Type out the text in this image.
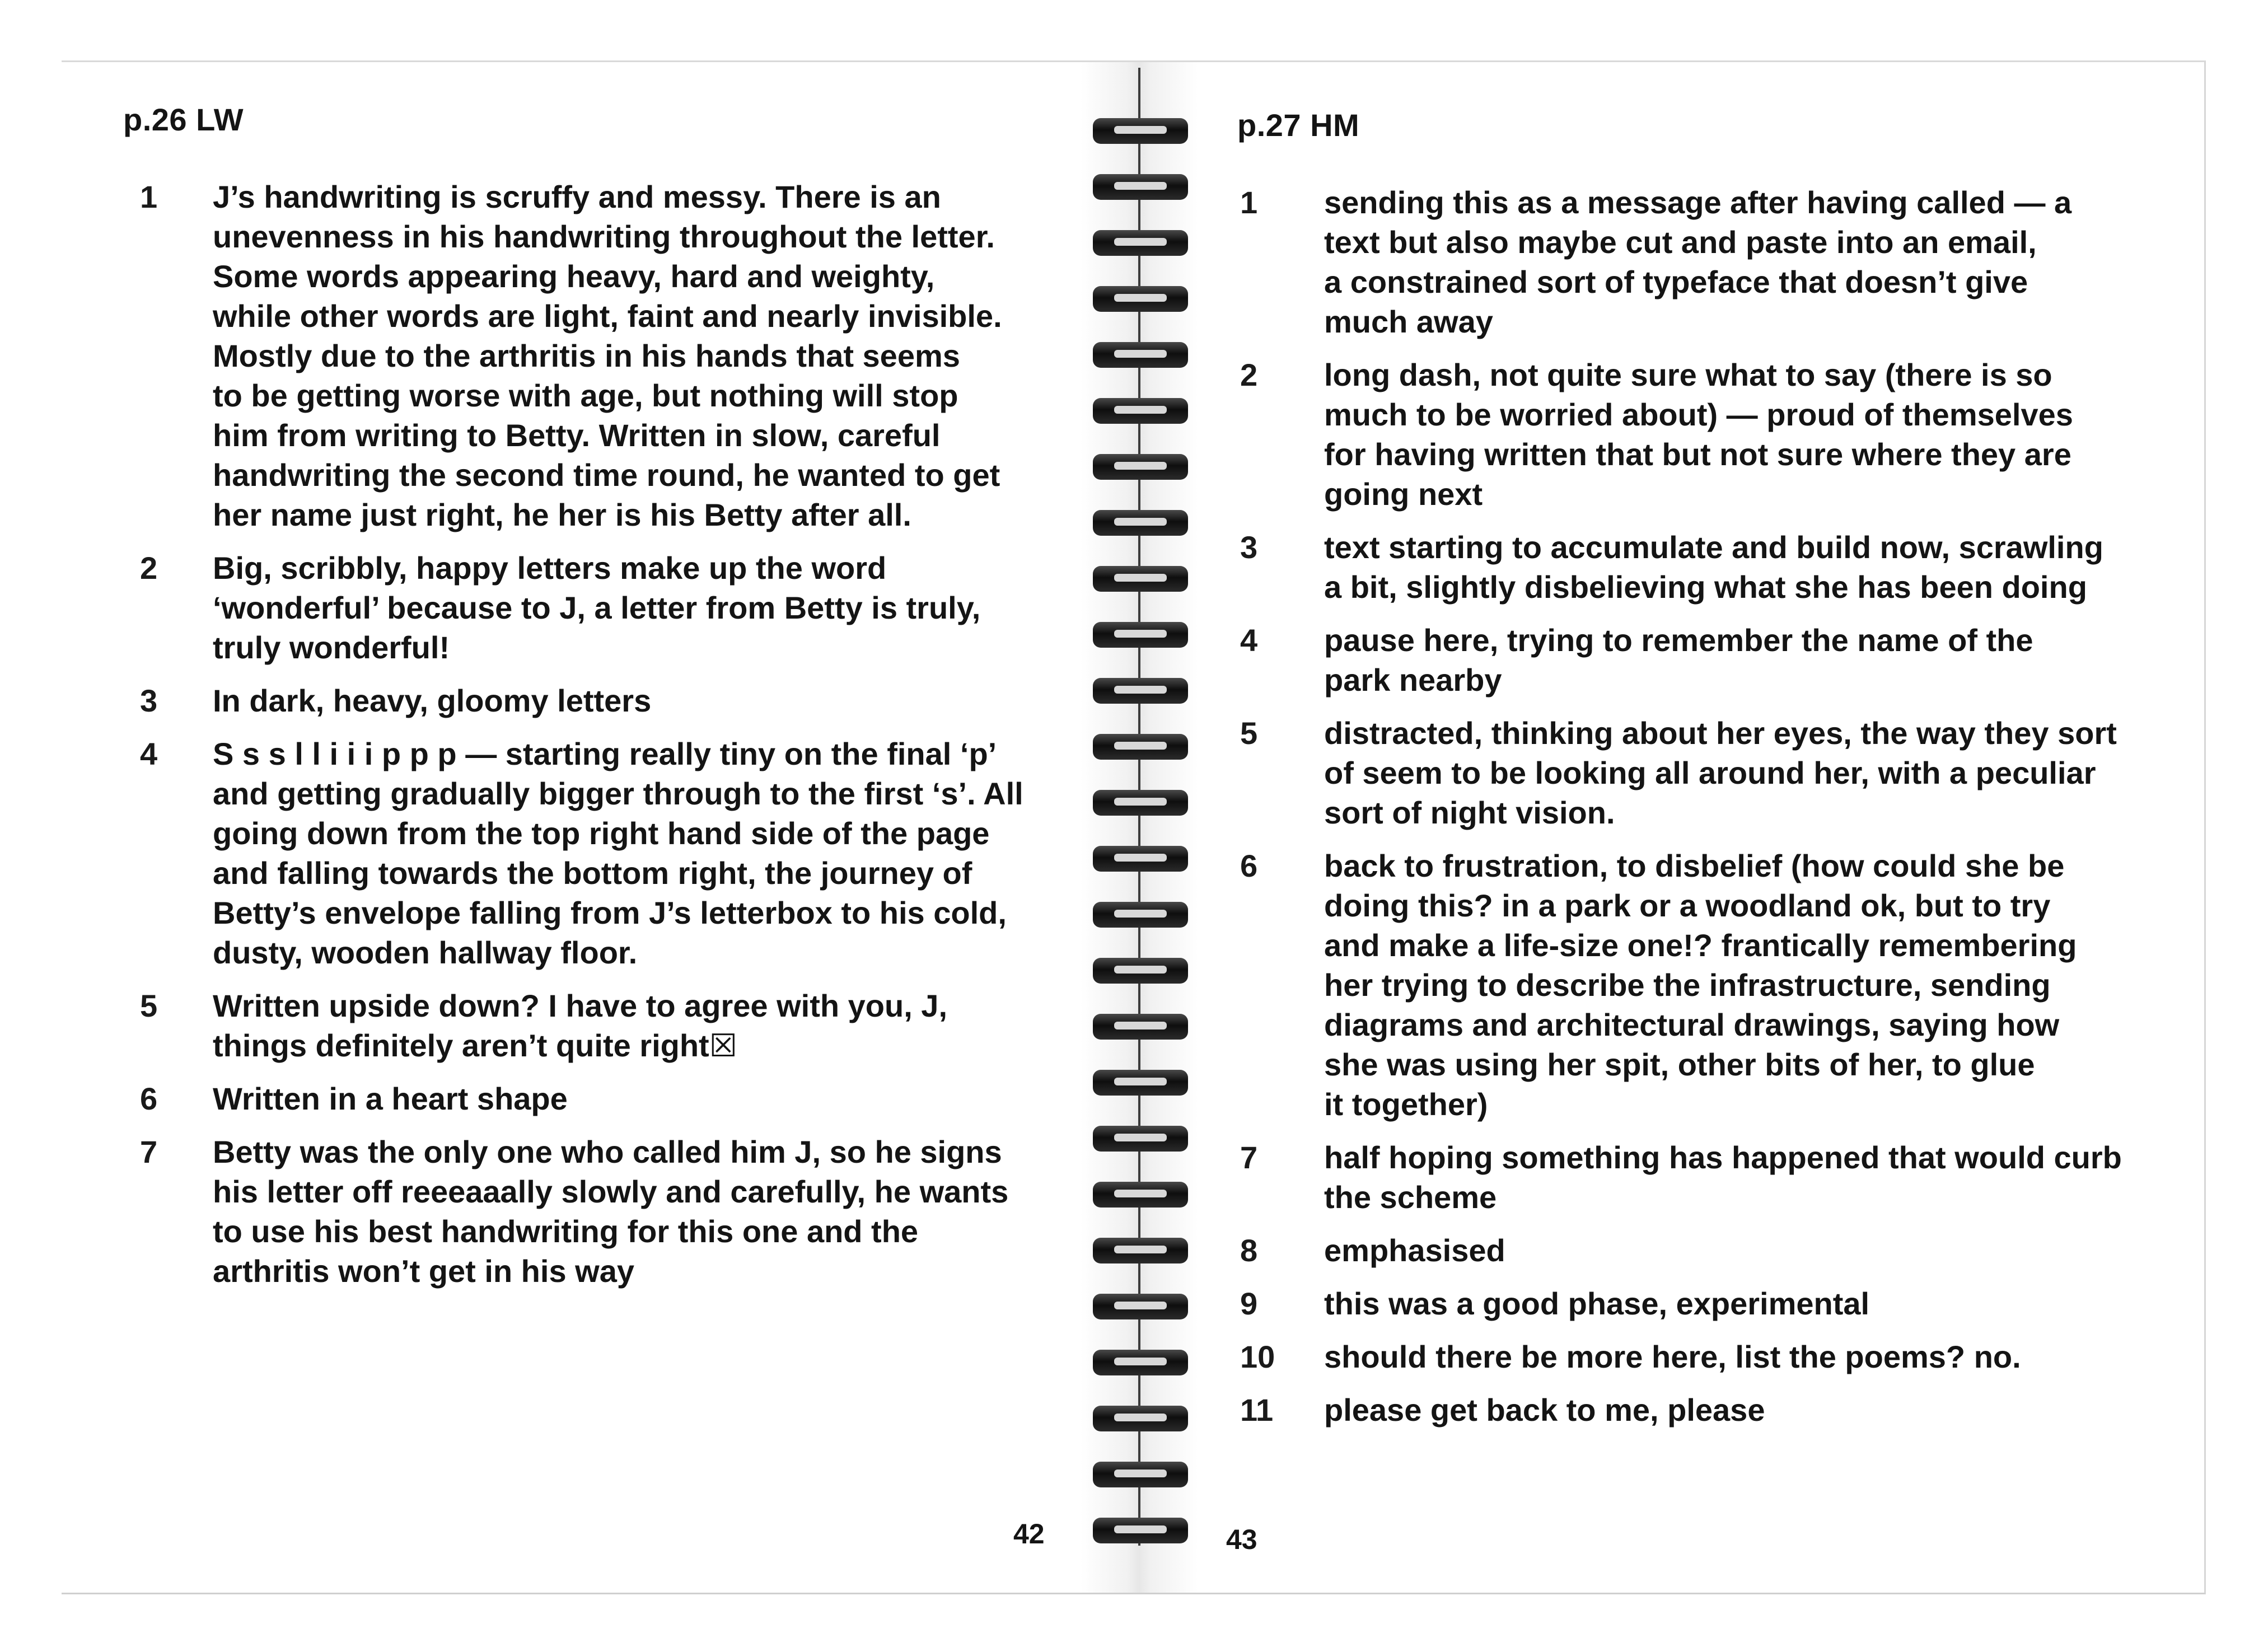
p.26 LW
1	J’s handwriting is scruffy and messy. There is an
unevenness in his handwriting throughout the letter.
Some words appearing heavy, hard and weighty,
while other words are light, faint and nearly invisible.
Mostly due to the arthritis in his hands that seems
to be getting worse with age, but nothing will stop
him from writing to Betty. Written in slow, careful
handwriting the second time round, he wanted to get
her name just right, he her is his Betty after all.
2	Big, scribbly, happy letters make up the word
‘wonderful’ because to J, a letter from Betty is truly,
truly wonderful!
3	In dark, heavy, gloomy letters
4	S s s l l i i i p p p — starting really tiny on the final ‘p’
and getting gradually bigger through to the first ‘s’. All
going down from the top right hand side of the page
and falling towards the bottom right, the journey of
Betty’s envelope falling from J’s letterbox to his cold,
dusty, wooden hallway floor.
5	Written upside down? I have to agree with you, J,
things definitely aren’t quite right☒
6	Written in a heart shape
7	Betty was the only one who called him J, so he signs
his letter off reeeaaally slowly and carefully, he wants
to use his best handwriting for this one and the
arthritis won’t get in his way
42
p.27 HM
1	sending this as a message after having called — a
text but also maybe cut and paste into an email,
a constrained sort of typeface that doesn’t give
much away
2	long dash, not quite sure what to say (there is so
much to be worried about) — proud of themselves
for having written that but not sure where they are
going next
3	text starting to accumulate and build now, scrawling
a bit, slightly disbelieving what she has been doing
4	pause here, trying to remember the name of the
park nearby
5	distracted, thinking about her eyes, the way they sort
of seem to be looking all around her, with a peculiar
sort of night vision.
6	back to frustration, to disbelief (how could she be
doing this? in a park or a woodland ok, but to try
and make a life-size one!? frantically remembering
her trying to describe the infrastructure, sending
diagrams and architectural drawings, saying how
she was using her spit, other bits of her, to glue
it together)
7	half hoping something has happened that would curb
the scheme
8	emphasised
9	this was a good phase, experimental
10	should there be more here, list the poems? no.
11	please get back to me, please
43
